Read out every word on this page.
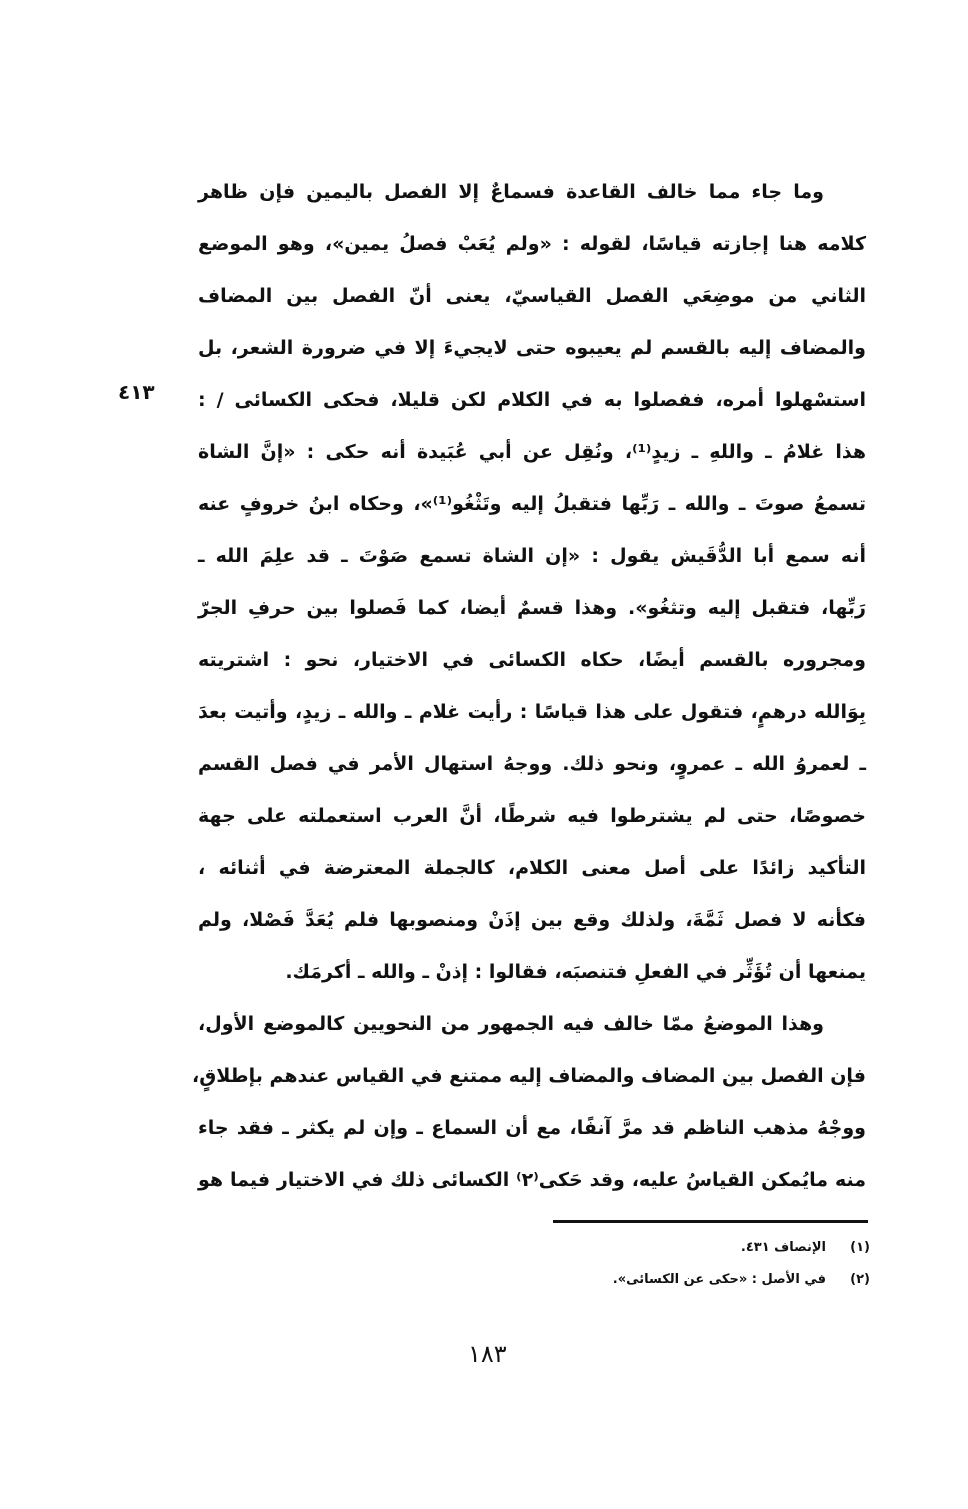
٤١٣
وما جاء مما خالف القاعدة فسماعٌ إلا الفصل باليمين فإن ظاهر
كلامه هنا إجازته قياسًا، لقوله : «ولم يُعَبْ فصلُ يمين»، وهو الموضع
الثاني من موضِعَي الفصل القياسيّ، يعنى أنّ الفصل بين المضاف
والمضاف إليه بالقسم لم يعيبوه حتى لايجيءَ إلا في ضرورة الشعر، بل
استسْهلوا أمره، ففصلوا به في الكلام لكن قليلا، فحكى الكسائى / :
هذا غلامُ ـ واللهِ ـ زيدٍ⁽¹⁾، ونُقِل عن أبي عُبَيدة أنه حكى : «إنَّ الشاة
تسمعُ صوتَ ـ والله ـ رَبِّها فتقبلُ إليه وتَثْغُو⁽¹⁾»، وحكاه ابنُ خروفٍ عنه
أنه سمع أبا الدُّقَيش يقول : «إن الشاة تسمع صَوْتَ ـ قد علِمَ الله ـ
رَبِّها، فتقبل إليه وتثغُو». وهذا قسمٌ أيضا، كما فَصلوا بين حرفِ الجرّ
ومجروره بالقسم أيضًا، حكاه الكسائى في الاختيار، نحو : اشتريته
بِوَالله درهمٍ، فتقول على هذا قياسًا : رأيت غلام ـ والله ـ زيدٍ، وأتيت بعدَ
ـ لعمروُ الله ـ عمروٍ، ونحو ذلك. ووجهُ استهال الأمر في فصل القسم
خصوصًا، حتى لم يشترطوا فيه شرطًا، أنَّ العرب استعملته على جهة
التأكيد زائدًا على أصل معنى الكلام، كالجملة المعترضة في أثنائه ،
فكأنه لا فصل ثَمَّةَ، ولذلك وقع بين إذَنْ ومنصوبها فلم يُعَدَّ فَصْلا، ولم
يمنعها أن تُؤَثِّر في الفعلِ فتنصبَه، فقالوا : إذنْ ـ والله ـ أكرمَك.
وهذا الموضعُ ممّا خالف فيه الجمهور من النحويين كالموضع الأول،
فإن الفصل بين المضاف والمضاف إليه ممتنع في القياس عندهم بإطلاقٍ،
ووجْهُ مذهب الناظم قد مرَّ آنفًا، مع أن السماع ـ وإن لم يكثر ـ فقد جاء
منه مايُمكن القياسُ عليه، وقد حَكى⁽٢⁾ الكسائى ذلك في الاختيار فيما هو
(١)
الإنصاف ٤٣١.
(٢)
في الأصل : «حكى عن الكسائى».
١٨٣
